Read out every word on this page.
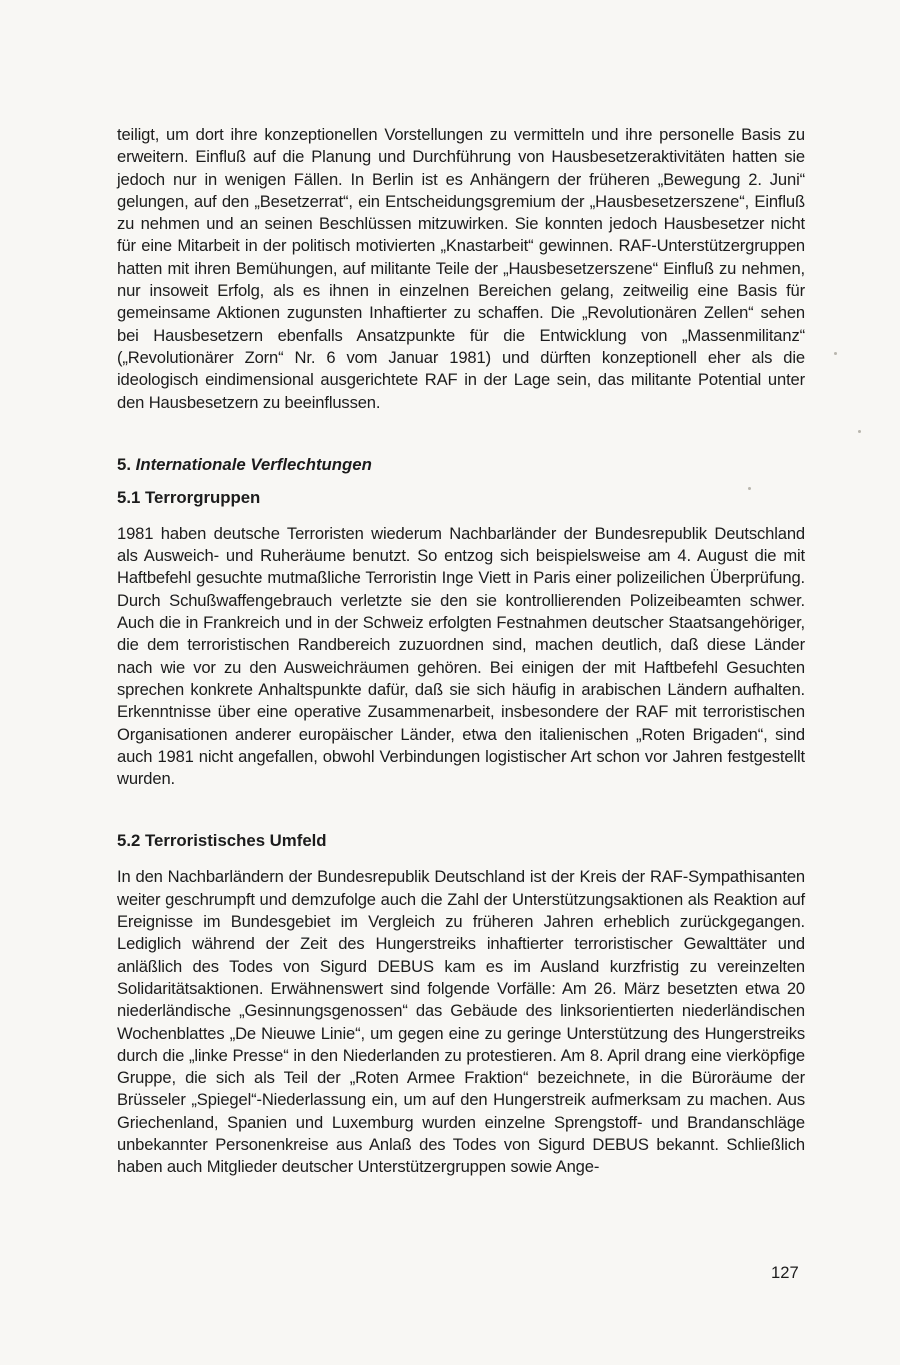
teiligt, um dort ihre konzeptionellen Vorstellungen zu vermitteln und ihre personelle Basis zu erweitern. Einfluß auf die Planung und Durchführung von Hausbesetzeraktivitäten hatten sie jedoch nur in wenigen Fällen. In Berlin ist es Anhängern der früheren „Bewegung 2. Juni“ gelungen, auf den „Besetzerrat“, ein Entscheidungsgremium der „Hausbesetzerszene“, Einfluß zu nehmen und an seinen Beschlüssen mitzuwirken. Sie konnten jedoch Hausbesetzer nicht für eine Mitarbeit in der politisch motivierten „Knastarbeit“ gewinnen. RAF-Unterstützergruppen hatten mit ihren Bemühungen, auf militante Teile der „Hausbesetzerszene“ Einfluß zu nehmen, nur insoweit Erfolg, als es ihnen in einzelnen Bereichen gelang, zeitweilig eine Basis für gemeinsame Aktionen zugunsten Inhaftierter zu schaffen. Die „Revolutionären Zellen“ sehen bei Hausbesetzern ebenfalls Ansatzpunkte für die Entwicklung von „Massenmilitanz“ („Revolutionärer Zorn“ Nr. 6 vom Januar 1981) und dürften konzeptionell eher als die ideologisch eindimensional ausgerichtete RAF in der Lage sein, das militante Potential unter den Hausbesetzern zu beeinflussen.

5. Internationale Verflechtungen
5.1 Terrorgruppen

1981 haben deutsche Terroristen wiederum Nachbarländer der Bundesrepublik Deutschland als Ausweich- und Ruheräume benutzt. So entzog sich beispielsweise am 4. August die mit Haftbefehl gesuchte mutmaßliche Terroristin Inge Viett in Paris einer polizeilichen Überprüfung. Durch Schußwaffengebrauch verletzte sie den sie kontrollierenden Polizeibeamten schwer. Auch die in Frankreich und in der Schweiz erfolgten Festnahmen deutscher Staatsangehöriger, die dem terroristischen Randbereich zuzuordnen sind, machen deutlich, daß diese Länder nach wie vor zu den Ausweichräumen gehören. Bei einigen der mit Haftbefehl Gesuchten sprechen konkrete Anhaltspunkte dafür, daß sie sich häufig in arabischen Ländern aufhalten. Erkenntnisse über eine operative Zusammenarbeit, insbesondere der RAF mit terroristischen Organisationen anderer europäischer Länder, etwa den italienischen „Roten Brigaden“, sind auch 1981 nicht angefallen, obwohl Verbindungen logistischer Art schon vor Jahren festgestellt wurden.

5.2 Terroristisches Umfeld

In den Nachbarländern der Bundesrepublik Deutschland ist der Kreis der RAF-Sympathisanten weiter geschrumpft und demzufolge auch die Zahl der Unterstützungsaktionen als Reaktion auf Ereignisse im Bundesgebiet im Vergleich zu früheren Jahren erheblich zurückgegangen. Lediglich während der Zeit des Hungerstreiks inhaftierter terroristischer Gewalttäter und anläßlich des Todes von Sigurd DEBUS kam es im Ausland kurzfristig zu vereinzelten Solidaritätsaktionen. Erwähnenswert sind folgende Vorfälle: Am 26. März besetzten etwa 20 niederländische „Gesinnungsgenossen“ das Gebäude des linksorientierten niederländischen Wochenblattes „De Nieuwe Linie“, um gegen eine zu geringe Unterstützung des Hungerstreiks durch die „linke Presse“ in den Niederlanden zu protestieren. Am 8. April drang eine vierköpfige Gruppe, die sich als Teil der „Roten Armee Fraktion“ bezeichnete, in die Büroräume der Brüsseler „Spiegel“-Niederlassung ein, um auf den Hungerstreik aufmerksam zu machen. Aus Griechenland, Spanien und Luxemburg wurden einzelne Sprengstoff- und Brandanschläge unbekannter Personenkreise aus Anlaß des Todes von Sigurd DEBUS bekannt. Schließlich haben auch Mitglieder deutscher Unterstützergruppen sowie Ange-

127
